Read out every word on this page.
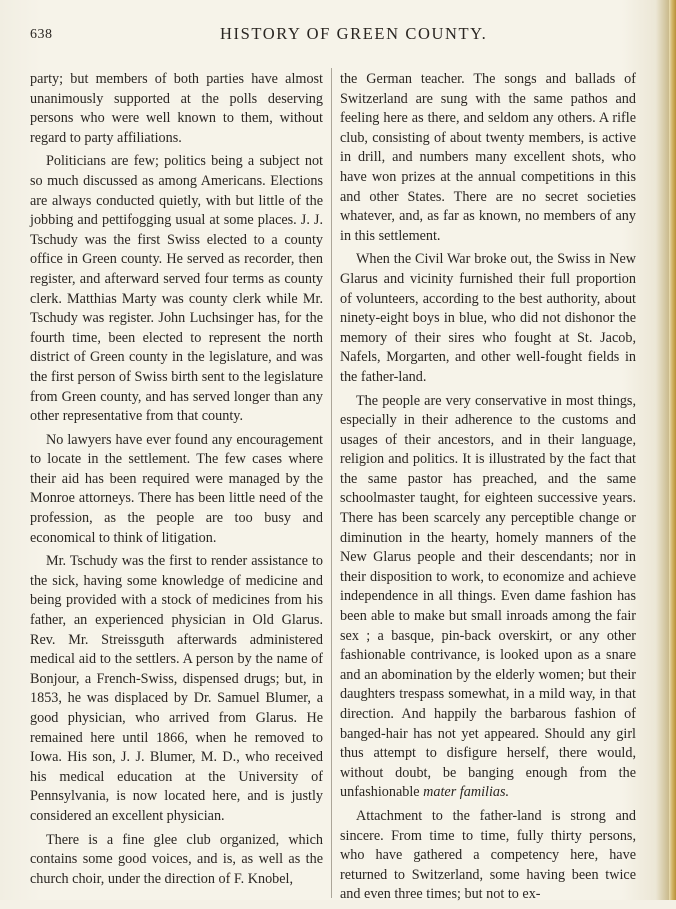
638	HISTORY OF GREEN COUNTY.

party; but members of both parties have almost unanimously supported at the polls deserving persons who were well known to them, without regard to party affiliations.

Politicians are few; politics being a subject not so much discussed as among Americans. Elections are always conducted quietly, with but little of the jobbing and pettifogging usual at some places. J. J. Tschudy was the first Swiss elected to a county office in Green county. He served as recorder, then register, and afterward served four terms as county clerk. Matthias Marty was county clerk while Mr. Tschudy was register. John Luchsinger has, for the fourth time, been elected to represent the north district of Green county in the legislature, and was the first person of Swiss birth sent to the legislature from Green county, and has served longer than any other representative from that county.

No lawyers have ever found any encouragement to locate in the settlement. The few cases where their aid has been required were managed by the Monroe attorneys. There has been little need of the profession, as the people are too busy and economical to think of litigation.

Mr. Tschudy was the first to render assistance to the sick, having some knowledge of medicine and being provided with a stock of medicines from his father, an experienced physician in Old Glarus. Rev. Mr. Streissguth afterwards administered medical aid to the settlers. A person by the name of Bonjour, a French-Swiss, dispensed drugs; but, in 1853, he was displaced by Dr. Samuel Blumer, a good physician, who arrived from Glarus. He remained here until 1866, when he removed to Iowa. His son, J. J. Blumer, M. D., who received his medical education at the University of Pennsylvania, is now located here, and is justly considered an excellent physician.

There is a fine glee club organized, which contains some good voices, and is, as well as the church choir, under the direction of F. Knobel,

the German teacher. The songs and ballads of Switzerland are sung with the same pathos and feeling here as there, and seldom any others. A rifle club, consisting of about twenty members, is active in drill, and numbers many excellent shots, who have won prizes at the annual competitions in this and other States. There are no secret societies whatever, and, as far as known, no members of any in this settlement.

When the Civil War broke out, the Swiss in New Glarus and vicinity furnished their full proportion of volunteers, according to the best authority, about ninety-eight boys in blue, who did not dishonor the memory of their sires who fought at St. Jacob, Nafels, Morgarten, and other well-fought fields in the father-land.

The people are very conservative in most things, especially in their adherence to the customs and usages of their ancestors, and in their language, religion and politics. It is illustrated by the fact that the same pastor has preached, and the same schoolmaster taught, for eighteen successive years. There has been scarcely any perceptible change or diminution in the hearty, homely manners of the New Glarus people and their descendants; nor in their disposition to work, to economize and achieve independence in all things. Even dame fashion has been able to make but small inroads among the fair sex ; a basque, pin-back overskirt, or any other fashionable contrivance, is looked upon as a snare and an abomination by the elderly women; but their daughters trespass somewhat, in a mild way, in that direction. And happily the barbarous fashion of banged-hair has not yet appeared. Should any girl thus attempt to disfigure herself, there would, without doubt, be banging enough from the unfashionable mater familias.

Attachment to the father-land is strong and sincere. From time to time, fully thirty persons, who have gathered a competency here, have returned to Switzerland, some having been twice and even three times; but not to ex-
